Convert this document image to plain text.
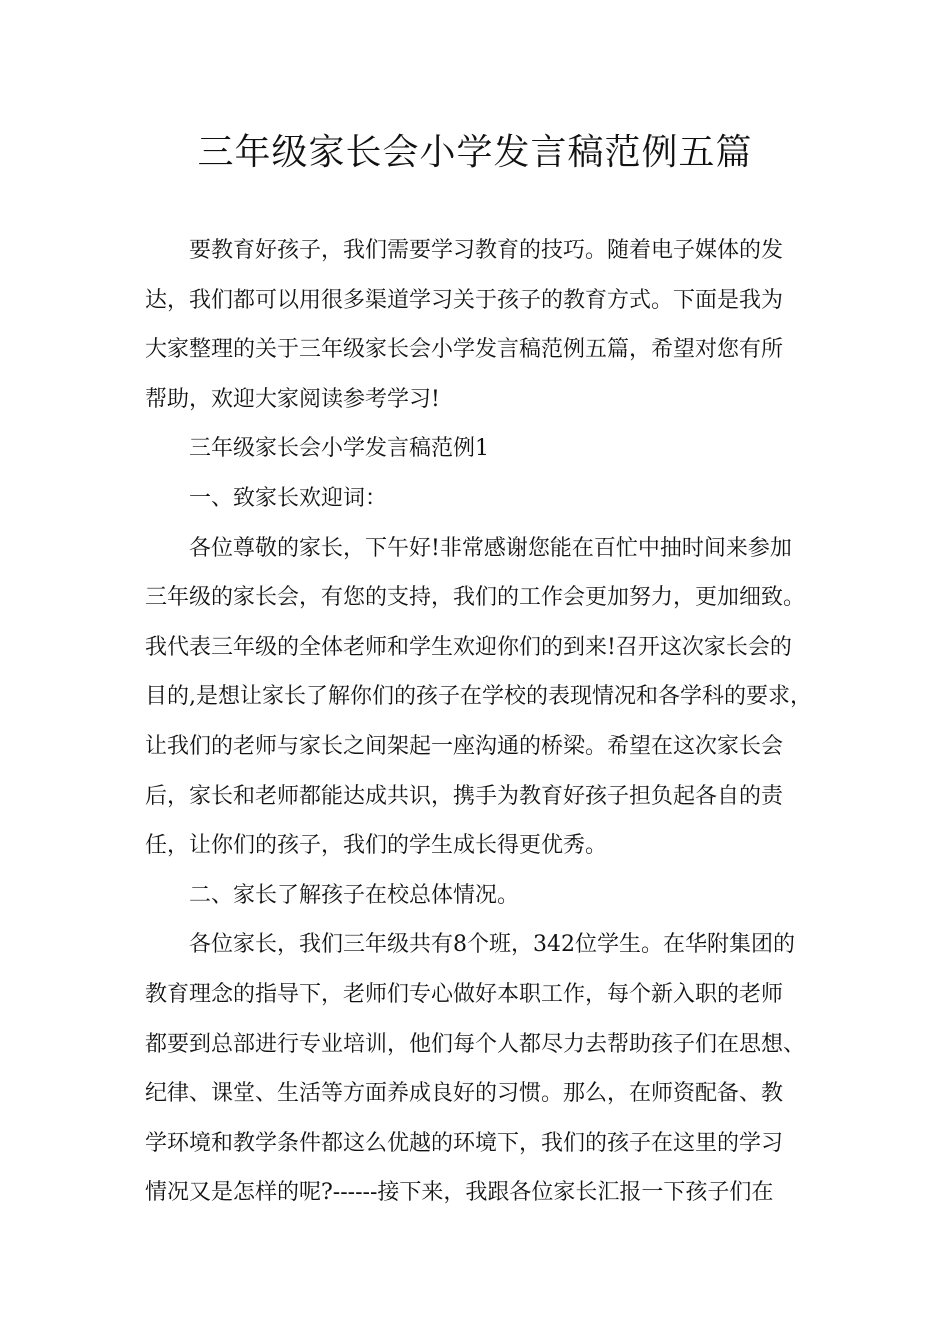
三年级家长会小学发言稿范例五篇
要教育好孩子，我们需要学习教育的技巧。随着电子媒体的发
达，我们都可以用很多渠道学习关于孩子的教育方式。下面是我为
大家整理的关于三年级家长会小学发言稿范例五篇，希望对您有所
帮助，欢迎大家阅读参考学习!
三年级家长会小学发言稿范例1
一、致家长欢迎词：
各位尊敬的家长，下午好!非常感谢您能在百忙中抽时间来参加
三年级的家长会，有您的支持，我们的工作会更加努力，更加细致。
我代表三年级的全体老师和学生欢迎你们的到来!召开这次家长会的
目的,是想让家长了解你们的孩子在学校的表现情况和各学科的要求，
让我们的老师与家长之间架起一座沟通的桥梁。希望在这次家长会
后，家长和老师都能达成共识，携手为教育好孩子担负起各自的责
任，让你们的孩子，我们的学生成长得更优秀。
二、家长了解孩子在校总体情况。
各位家长，我们三年级共有8个班，342位学生。在华附集团的
教育理念的指导下，老师们专心做好本职工作，每个新入职的老师
都要到总部进行专业培训，他们每个人都尽力去帮助孩子们在思想、
纪律、课堂、生活等方面养成良好的习惯。那么，在师资配备、教
学环境和教学条件都这么优越的环境下，我们的孩子在这里的学习
情况又是怎样的呢?------接下来，我跟各位家长汇报一下孩子们在
